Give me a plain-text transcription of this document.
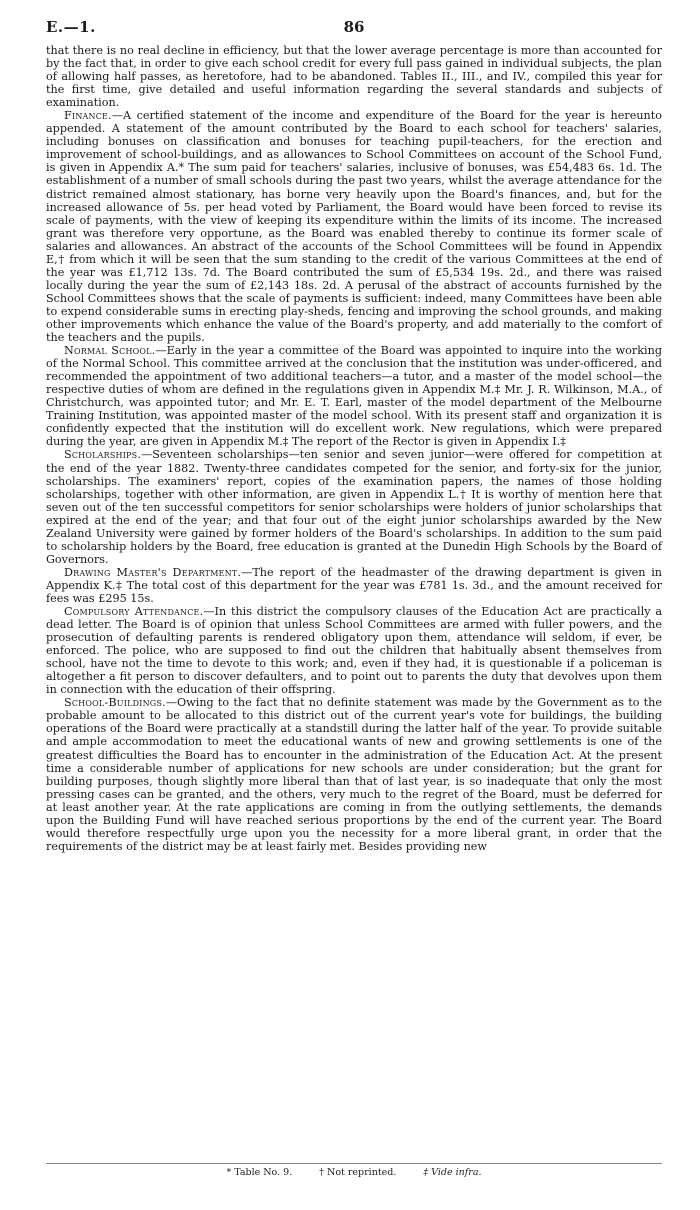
E.—1.	86

that there is no real decline in efficiency, but that the lower average percentage is more than accounted for by the fact that, in order to give each school credit for every full pass gained in individual subjects, the plan of allowing half passes, as heretofore, had to be abandoned. Tables II., III., and IV., compiled this year for the first time, give detailed and useful information regarding the several standards and subjects of examination.

Finance.—A certified statement of the income and expenditure of the Board for the year is hereunto appended. A statement of the amount contributed by the Board to each school for teachers' salaries, including bonuses on classification and bonuses for teaching pupil-teachers, for the erection and improvement of school-buildings, and as allowances to School Committees on account of the School Fund, is given in Appendix A.* The sum paid for teachers' salaries, inclusive of bonuses, was £54,483 6s. 1d. The establishment of a number of small schools during the past two years, whilst the average attendance for the district remained almost stationary, has borne very heavily upon the Board's finances, and, but for the increased allowance of 5s. per head voted by Parliament, the Board would have been forced to revise its scale of payments, with the view of keeping its expenditure within the limits of its income. The increased grant was therefore very opportune, as the Board was enabled thereby to continue its former scale of salaries and allowances. An abstract of the accounts of the School Committees will be found in Appendix E,† from which it will be seen that the sum standing to the credit of the various Committees at the end of the year was £1,712 13s. 7d. The Board contributed the sum of £5,534 19s. 2d., and there was raised locally during the year the sum of £2,143 18s. 2d. A perusal of the abstract of accounts furnished by the School Committees shows that the scale of payments is sufficient: indeed, many Committees have been able to expend considerable sums in erecting play-sheds, fencing and improving the school grounds, and making other improvements which enhance the value of the Board's property, and add materially to the comfort of the teachers and the pupils.

Normal School.—Early in the year a committee of the Board was appointed to inquire into the working of the Normal School. This committee arrived at the conclusion that the institution was under-officered, and recommended the appointment of two additional teachers—a tutor, and a master of the model school—the respective duties of whom are defined in the regulations given in Appendix M.‡ Mr. J. R. Wilkinson, M.A., of Christchurch, was appointed tutor; and Mr. E. T. Earl, master of the model department of the Melbourne Training Institution, was appointed master of the model school. With its present staff and organization it is confidently expected that the institution will do excellent work. New regulations, which were prepared during the year, are given in Appendix M.‡ The report of the Rector is given in Appendix I.‡

Scholarships.—Seventeen scholarships—ten senior and seven junior—were offered for competition at the end of the year 1882. Twenty-three candidates competed for the senior, and forty-six for the junior, scholarships. The examiners' report, copies of the examination papers, the names of those holding scholarships, together with other information, are given in Appendix L.† It is worthy of mention here that seven out of the ten successful competitors for senior scholarships were holders of junior scholarships that expired at the end of the year; and that four out of the eight junior scholarships awarded by the New Zealand University were gained by former holders of the Board's scholarships. In addition to the sum paid to scholarship holders by the Board, free education is granted at the Dunedin High Schools by the Board of Governors.

Drawing Master's Department.—The report of the headmaster of the drawing department is given in Appendix K.‡ The total cost of this department for the year was £781 1s. 3d., and the amount received for fees was £295 15s.

Compulsory Attendance.—In this district the compulsory clauses of the Education Act are practically a dead letter. The Board is of opinion that unless School Committees are armed with fuller powers, and the prosecution of defaulting parents is rendered obligatory upon them, attendance will seldom, if ever, be enforced. The police, who are supposed to find out the children that habitually absent themselves from school, have not the time to devote to this work; and, even if they had, it is questionable if a policeman is altogether a fit person to discover defaulters, and to point out to parents the duty that devolves upon them in connection with the education of their offspring.

School-Buildings.—Owing to the fact that no definite statement was made by the Government as to the probable amount to be allocated to this district out of the current year's vote for buildings, the building operations of the Board were practically at a standstill during the latter half of the year. To provide suitable and ample accommodation to meet the educational wants of new and growing settlements is one of the greatest difficulties the Board has to encounter in the administration of the Education Act. At the present time a considerable number of applications for new schools are under consideration; but the grant for building purposes, though slightly more liberal than that of last year, is so inadequate that only the most pressing cases can be granted, and the others, very much to the regret of the Board, must be deferred for at least another year. At the rate applications are coming in from the outlying settlements, the demands upon the Building Fund will have reached serious proportions by the end of the current year. The Board would therefore respectfully urge upon you the necessity for a more liberal grant, in order that the requirements of the district may be at least fairly met. Besides providing new

* Table No. 9.	† Not reprinted.	‡ Vide infra.
